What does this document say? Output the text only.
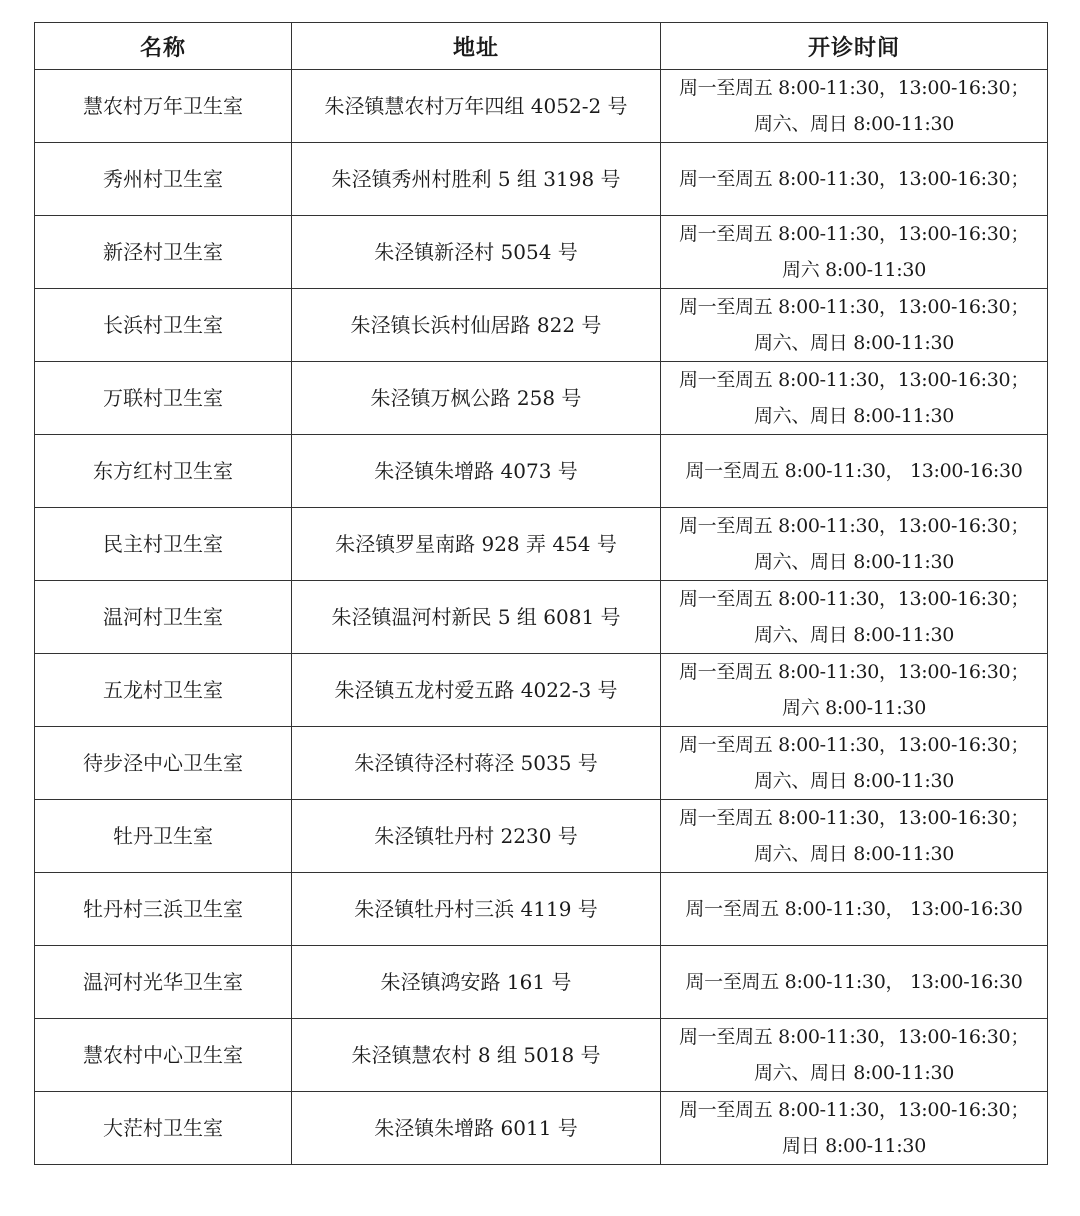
名称	地址	开诊时间
慧农村万年卫生室	朱泾镇慧农村万年四组 4052-2 号	周一至周五 8:00-11:30，13:00-16:30；
周六、周日 8:00-11:30

秀州村卫生室	朱泾镇秀州村胜利 5 组 3198 号	周一至周五 8:00-11:30，13:00-16:30；

新泾村卫生室	朱泾镇新泾村 5054 号	周一至周五 8:00-11:30，13:00-16:30；
周六 8:00-11:30

长浜村卫生室	朱泾镇长浜村仙居路 822 号	周一至周五 8:00-11:30，13:00-16:30；
周六、周日 8:00-11:30

万联村卫生室	朱泾镇万枫公路 258 号	周一至周五 8:00-11:30，13:00-16:30；
周六、周日 8:00-11:30

东方红村卫生室	朱泾镇朱增路 4073 号	周一至周五 8:00-11:30， 13:00-16:30

民主村卫生室	朱泾镇罗星南路 928 弄 454 号	周一至周五 8:00-11:30，13:00-16:30；
周六、周日 8:00-11:30

温河村卫生室	朱泾镇温河村新民 5 组 6081 号	周一至周五 8:00-11:30，13:00-16:30；
周六、周日 8:00-11:30

五龙村卫生室	朱泾镇五龙村爱五路 4022-3 号	周一至周五 8:00-11:30，13:00-16:30；
周六 8:00-11:30

待步泾中心卫生室	朱泾镇待泾村蒋泾 5035 号	周一至周五 8:00-11:30，13:00-16:30；
周六、周日 8:00-11:30

牡丹卫生室	朱泾镇牡丹村 2230 号	周一至周五 8:00-11:30，13:00-16:30；
周六、周日 8:00-11:30

牡丹村三浜卫生室	朱泾镇牡丹村三浜 4119 号	周一至周五 8:00-11:30， 13:00-16:30

温河村光华卫生室	朱泾镇鸿安路 161 号	周一至周五 8:00-11:30， 13:00-16:30

慧农村中心卫生室	朱泾镇慧农村 8 组 5018 号	周一至周五 8:00-11:30，13:00-16:30；
周六、周日 8:00-11:30

大茫村卫生室	朱泾镇朱增路 6011 号	周一至周五 8:00-11:30，13:00-16:30；
周日 8:00-11:30
